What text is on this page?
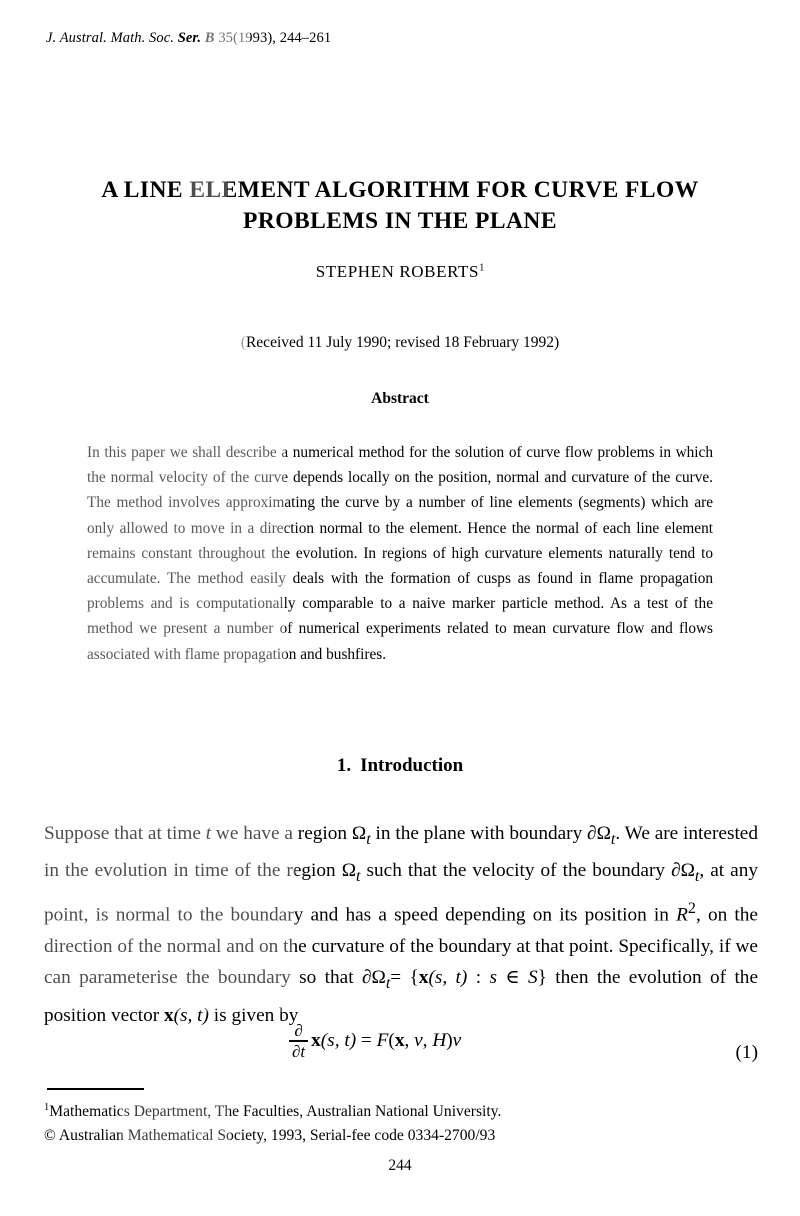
J. Austral. Math. Soc. Ser. B 35(1993), 244–261
A LINE ELEMENT ALGORITHM FOR CURVE FLOW
PROBLEMS IN THE PLANE
STEPHEN ROBERTS$^1$
(Received 11 July 1990; revised 18 February 1992)
Abstract

In this paper we shall describe a numerical method for the solution of curve flow problems in which the normal velocity of the curve depends locally on the position, normal and curvature of the curve. The method involves approximating the curve by a number of line elements (segments) which are only allowed to move in a direction normal to the element. Hence the normal of each line element remains constant throughout the evolution. In regions of high curvature elements naturally tend to accumulate. The method easily deals with the formation of cusps as found in flame propagation problems and is computationally comparable to a naive marker particle method. As a test of the method we present a number of numerical experiments related to mean curvature flow and flows associated with flame propagation and bushfires.

1. Introduction

Suppose that at time t we have a region $\Omega_t$ in the plane with boundary $\partial\Omega_t$. We are interested in the evolution in time of the region $\Omega_t$ such that the velocity of the boundary $\partial\Omega_t$, at any point, is normal to the boundary and has a speed depending on its position in $R^2$, on the direction of the normal and on the curvature of the boundary at that point. Specifically, if we can parameterise the boundary so that $\partial\Omega_t= \{x(s$, t) : s ∈ S} then the evolution of the position vector x(s, t) is given by

$\frac{\partial}{\partial t} x(s$, t) = F(x, ν, H)ν
(1)

$^1$Mathematics Department, The Faculties, Australian National University.

© Australian Mathematical Society, 1993, Serial-fee code 0334-2700/93

244
